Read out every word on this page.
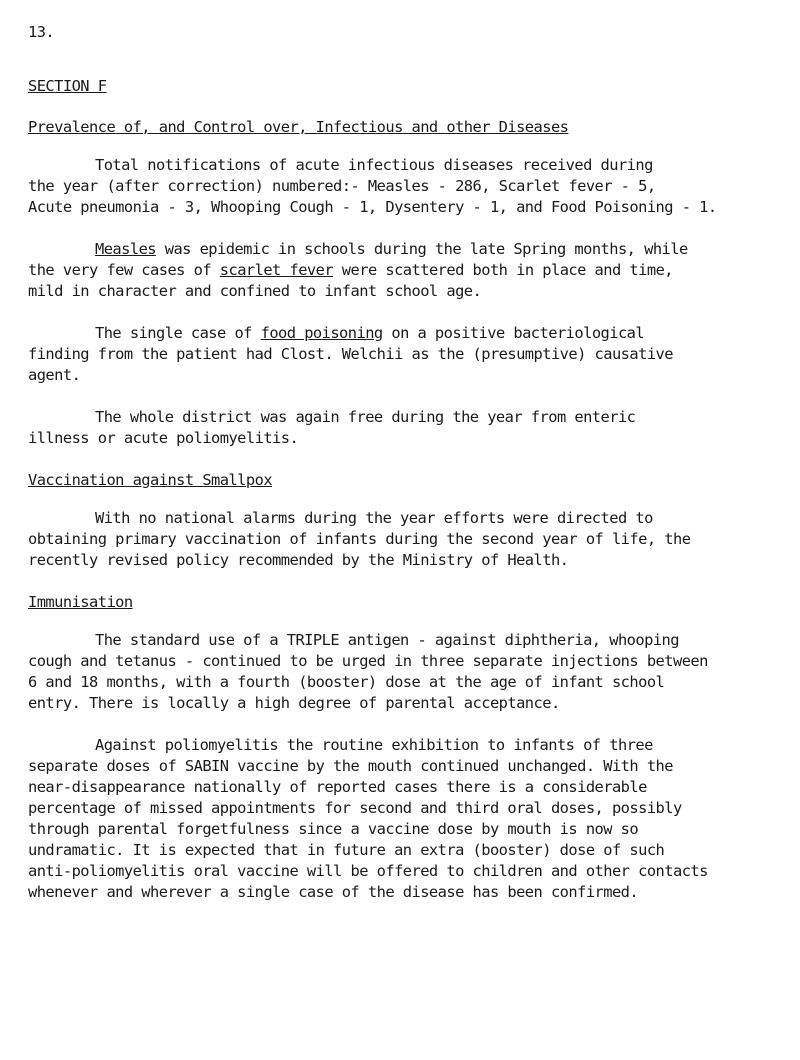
13.
SECTION F
Prevalence of, and Control over, Infectious and other Diseases

Total notifications of acute infectious diseases received during
the year (after correction) numbered:- Measles - 286, Scarlet fever - 5,
Acute pneumonia - 3, Whooping Cough - 1, Dysentery - 1, and Food Poisoning - 1.

Measles was epidemic in schools during the late Spring months, while
the very few cases of scarlet fever were scattered both in place and time,
mild in character and confined to infant school age.

The single case of food poisoning on a positive bacteriological
finding from the patient had Clost. Welchii as the (presumptive) causative
agent.

The whole district was again free during the year from enteric
illness or acute poliomyelitis.

Vaccination against Smallpox

With no national alarms during the year efforts were directed to
obtaining primary vaccination of infants during the second year of life, the
recently revised policy recommended by the Ministry of Health.

Immunisation

The standard use of a TRIPLE antigen - against diphtheria, whooping
cough and tetanus - continued to be urged in three separate injections between
6 and 18 months, with a fourth (booster) dose at the age of infant school
entry. There is locally a high degree of parental acceptance.

Against poliomyelitis the routine exhibition to infants of three
separate doses of SABIN vaccine by the mouth continued unchanged. With the
near-disappearance nationally of reported cases there is a considerable
percentage of missed appointments for second and third oral doses, possibly
through parental forgetfulness since a vaccine dose by mouth is now so
undramatic. It is expected that in future an extra (booster) dose of such
anti-poliomyelitis oral vaccine will be offered to children and other contacts
whenever and wherever a single case of the disease has been confirmed.
